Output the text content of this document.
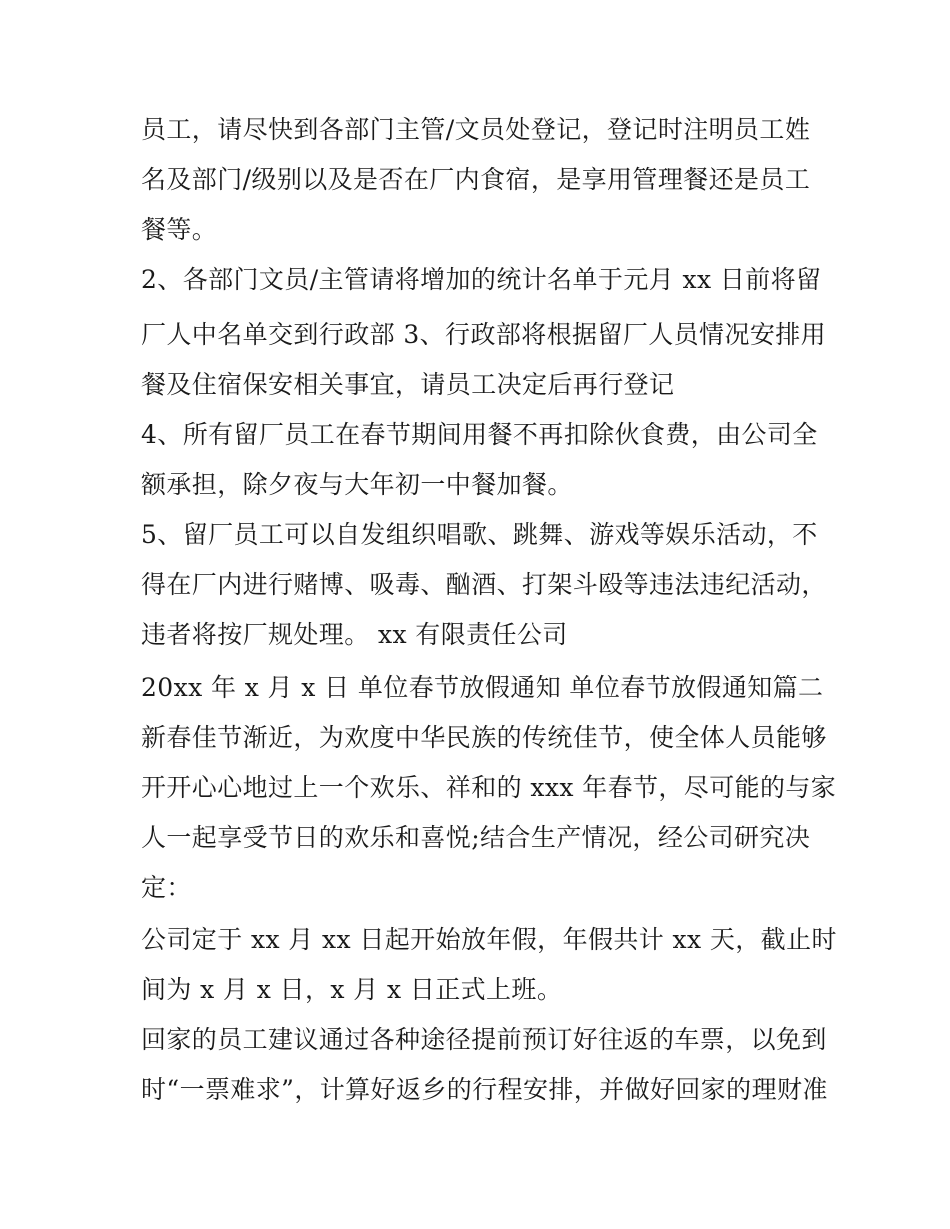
员工，请尽快到各部门主管/文员处登记，登记时注明员工姓
名及部门/级别以及是否在厂内食宿，是享用管理餐还是员工
餐等。
2、各部门文员/主管请将增加的统计名单于元月 xx 日前将留
厂人中名单交到行政部 3、行政部将根据留厂人员情况安排用
餐及住宿保安相关事宜，请员工决定后再行登记
4、所有留厂员工在春节期间用餐不再扣除伙食费，由公司全
额承担，除夕夜与大年初一中餐加餐。
5、留厂员工可以自发组织唱歌、跳舞、游戏等娱乐活动，不
得在厂内进行赌博、吸毒、酗酒、打架斗殴等违法违纪活动，
违者将按厂规处理。 xx 有限责任公司
20xx 年 x 月 x 日 单位春节放假通知 单位春节放假通知篇二
新春佳节渐近，为欢度中华民族的传统佳节，使全体人员能够
开开心心地过上一个欢乐、祥和的 xxx 年春节，尽可能的与家
人一起享受节日的欢乐和喜悦;结合生产情况，经公司研究决
定：
公司定于 xx 月 xx 日起开始放年假，年假共计 xx 天，截止时
间为 x 月 x 日，x 月 x 日正式上班。
回家的员工建议通过各种途径提前预订好往返的车票，以免到
时“一票难求”，计算好返乡的行程安排，并做好回家的理财准
